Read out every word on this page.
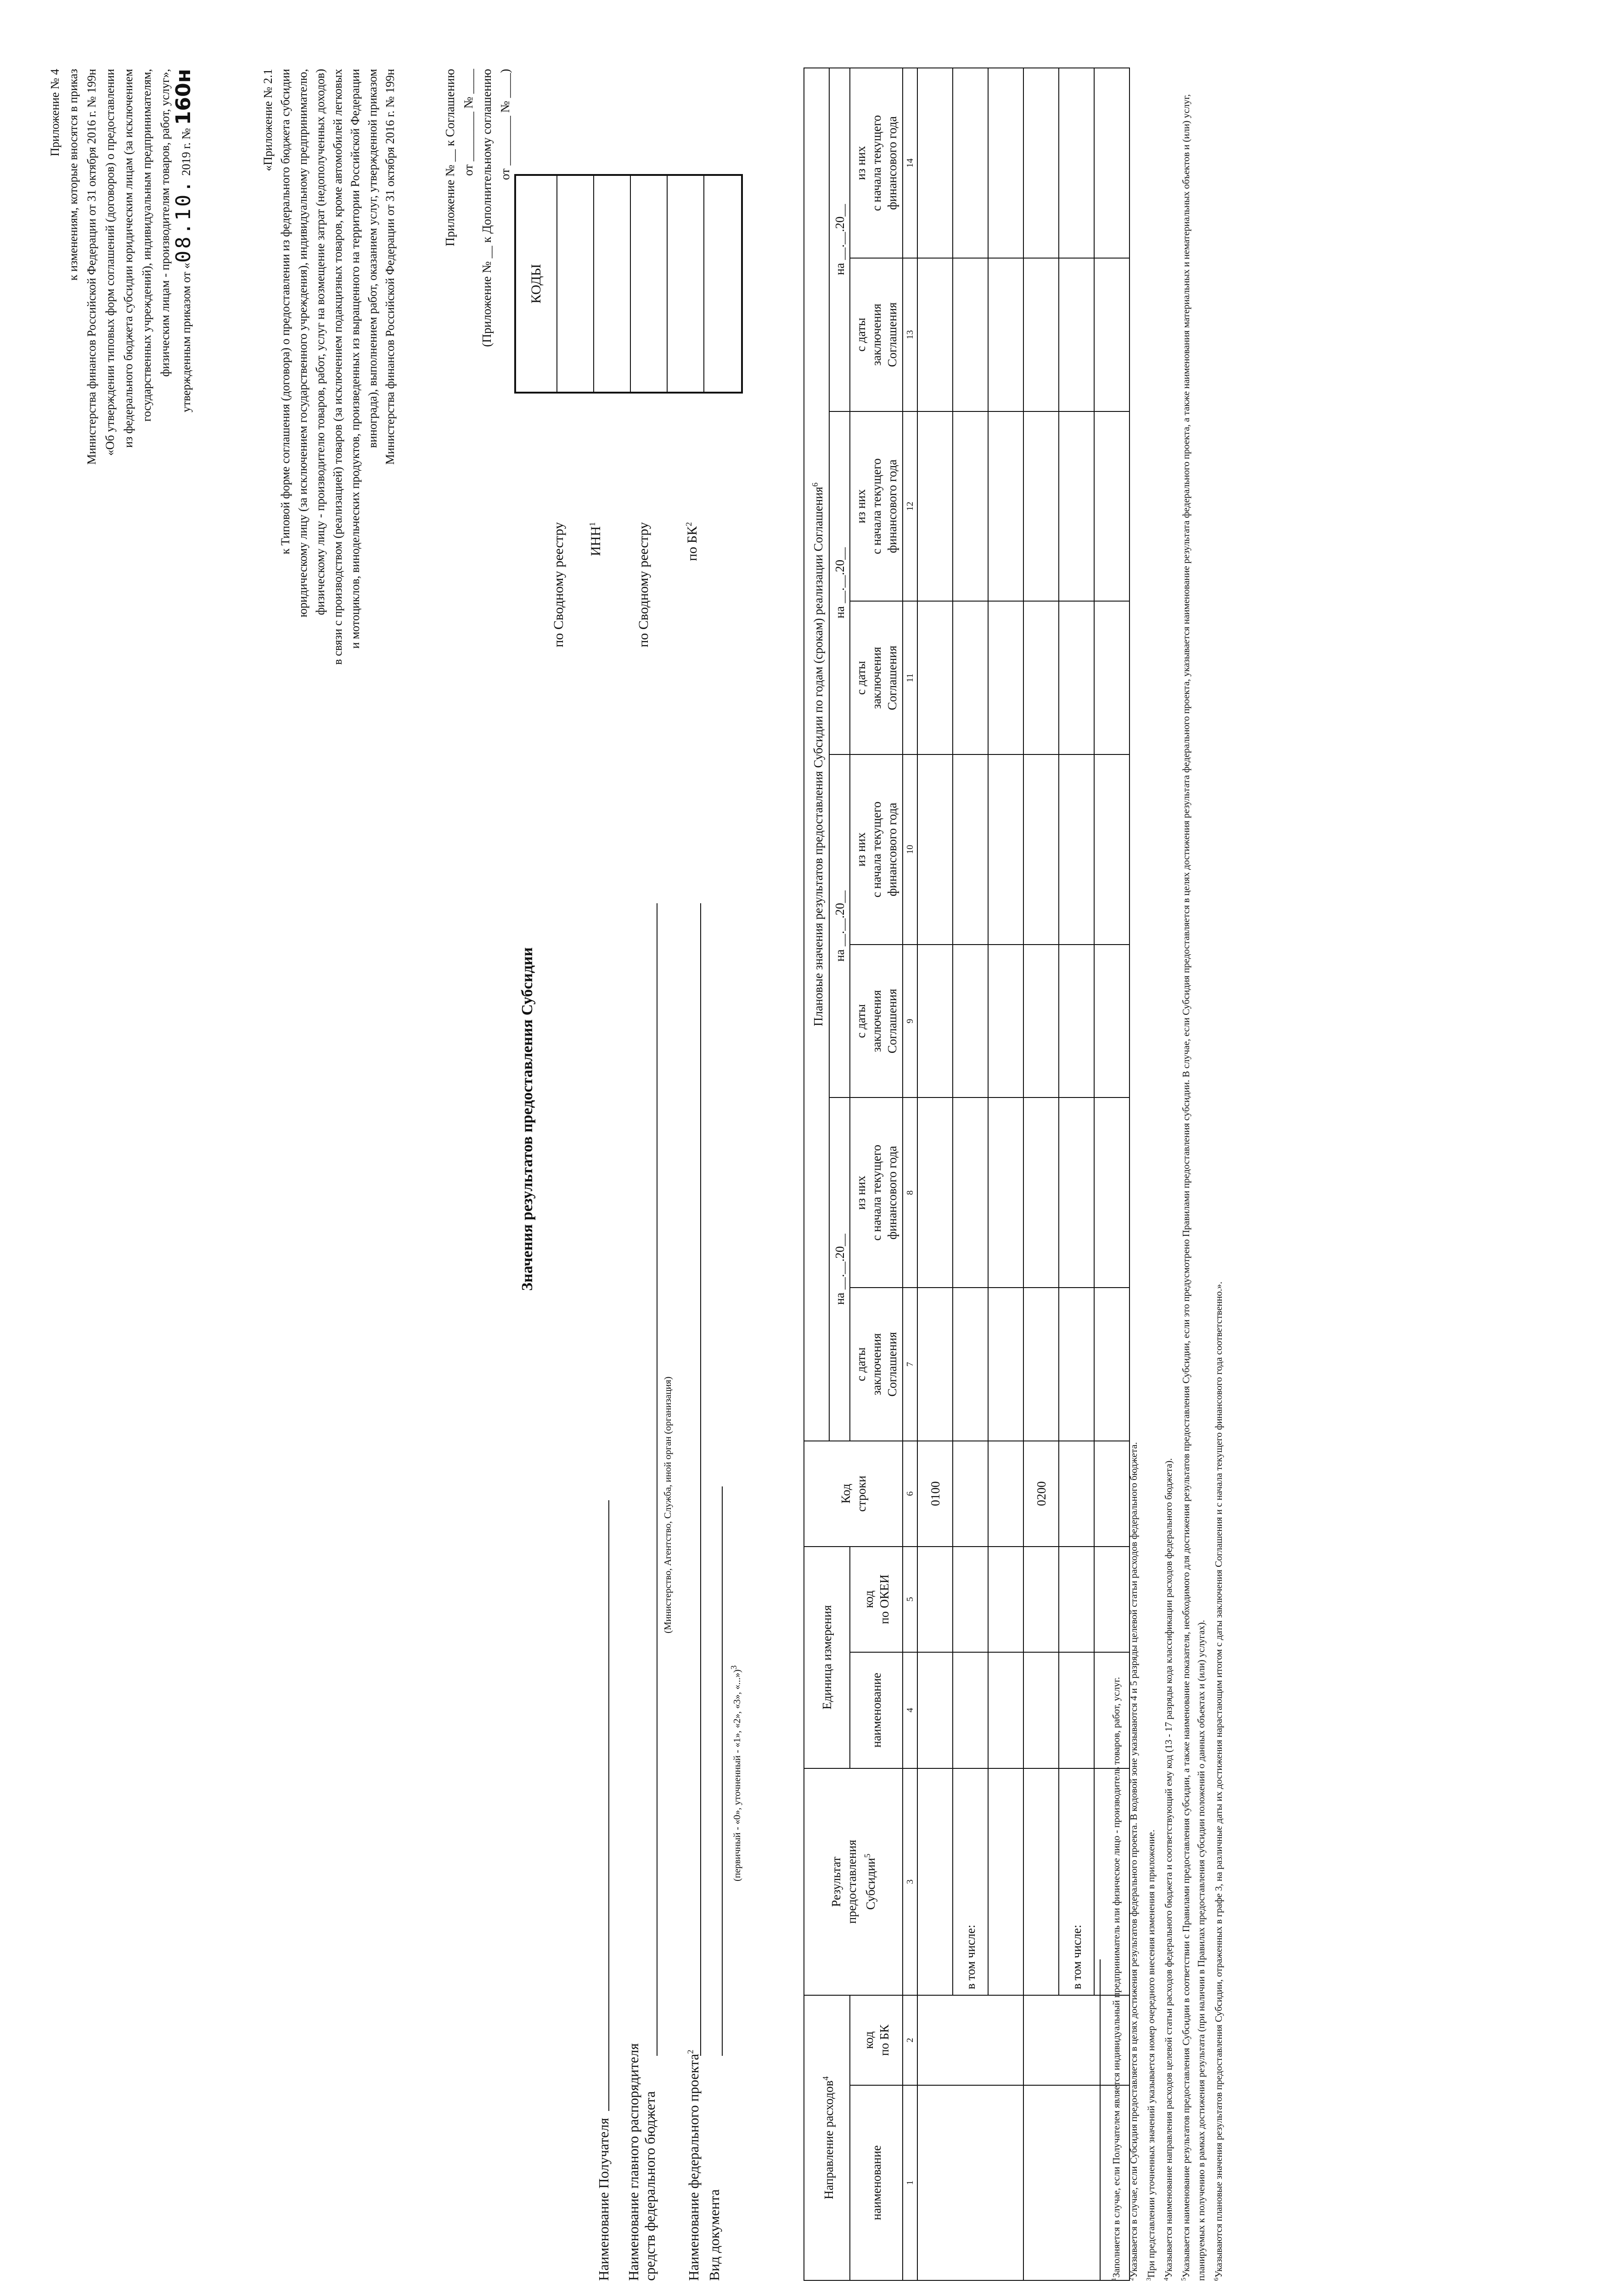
Приложение № 4 к изменениям, которые вносятся в приказ Министерства финансов Российской Федерации от 31 октября 2016 г. № 199н «Об утверждении типовых форм соглашений (договоров) о предоставлении из федерального бюджета субсидии юридическим лицам (за исключением государственных учреждений), индивидуальным предпринимателям, физическим лицам - производителям товаров, работ, услуг», утвержденным приказом от «08.10. 2019 г. № 160н	«Приложение № 2.1 к Типовой форме соглашения (договора) о предоставлении из федерального бюджета субсидии юридическому лицу (за исключением государственного учреждения), индивидуальному предпринимателю, физическому лицу - производителю товаров, работ, услуг на возмещение затрат (недополученных доходов) в связи с производством (реализацией) товаров (за исключением подакцизных товаров, кроме автомобилей легковых и мотоциклов, винодельческих продуктов, произведенных из выращенного на территории Российской Федерации винограда), выполнением работ, оказанием услуг, утвержденной приказом Министерства финансов Российской Федерации от 31 октября 2016 г. № 199н	Приложение № __ к Соглашению от ________ № ____ (Приложение № __ к Дополнительному соглашению от ________ № ____)
Значения результатов предоставления Субсидии
по Сводному реестру ИНН$^1$	по Сводному реестру по $БК^2$
КОДЫ
Наименование Получателя Наименование главного распорядителя средств федерального бюджета
(Министерство, Агентство, Служба, иной орган (организация)
Наименование федерального проекта$^2$
Вид документа
(первичный - «0», уточненный - «1», «2», «3», «...»)$^3$
Направление расходов$^4$		Результат предоставления Субсидии$^5$	Единица измерения		Код строки	Плановые значения результатов предоставления Субсидии по годам (срокам) реализации Соглашения$^6$
						на __.__.20__		на __.__.20__		на __.__.20__		на __.__.20__	
наименование	код по БК		наименование	код по ОКЕИ		с даты заключения Соглашения	из них с начала текущего финансового года	с даты заключения Соглашения	из них с начала текущего финансового года	с даты заключения Соглашения	из них с начала текущего финансового года	с даты заключения Соглашения	из них с начала текущего финансового года
1	2	3	4	5	6	7	8	9	10	11	12	13	14
					0100								
		в том числе:											

					0200								
		в том числе:											

$^1$Заполняется в случае, если Получателем является индивидуальный предприниматель или физическое лицо - производитель товаров, работ, услуг.

$^2$Указывается в случае, если Субсидия предоставляется в целях достижения результатов федерального проекта. В кодовой зоне указываются 4 и 5 разряды целевой статьи расходов федерального бюджета.

$^3$При представлении уточненных значений указывается номер очередного внесения изменения в приложение.

$^4$Указывается наименование направления расходов целевой статьи расходов федерального бюджета и соответствующий ему код (13 - 17 разряды кода классификации расходов федерального бюджета).

$^5$Указывается наименование результатов предоставления Субсидии в соответствии с Правилами предоставления субсидии, а также наименование показателя, необходимого для достижения результатов предоставления Субсидии, если это предусмотрено Правилами предоставления субсидии. В случае, если Субсидия предоставляется в целях достижения результата федерального проекта, указывается наименование результата федерального проекта, а также наименования материальных и нематериальных объектов и (или) услуг, планируемых к получению в рамках достижения результата (при наличии в Правилах предоставления субсидии положений о данных объектах и (или) услугах).	$^6$Указываются плановые значения результатов предоставления Субсидии, отраженных в графе 3, на различные даты их достижения нарастающим итогом с даты заключения Соглашения и с начала текущего финансового года соответственно.».
